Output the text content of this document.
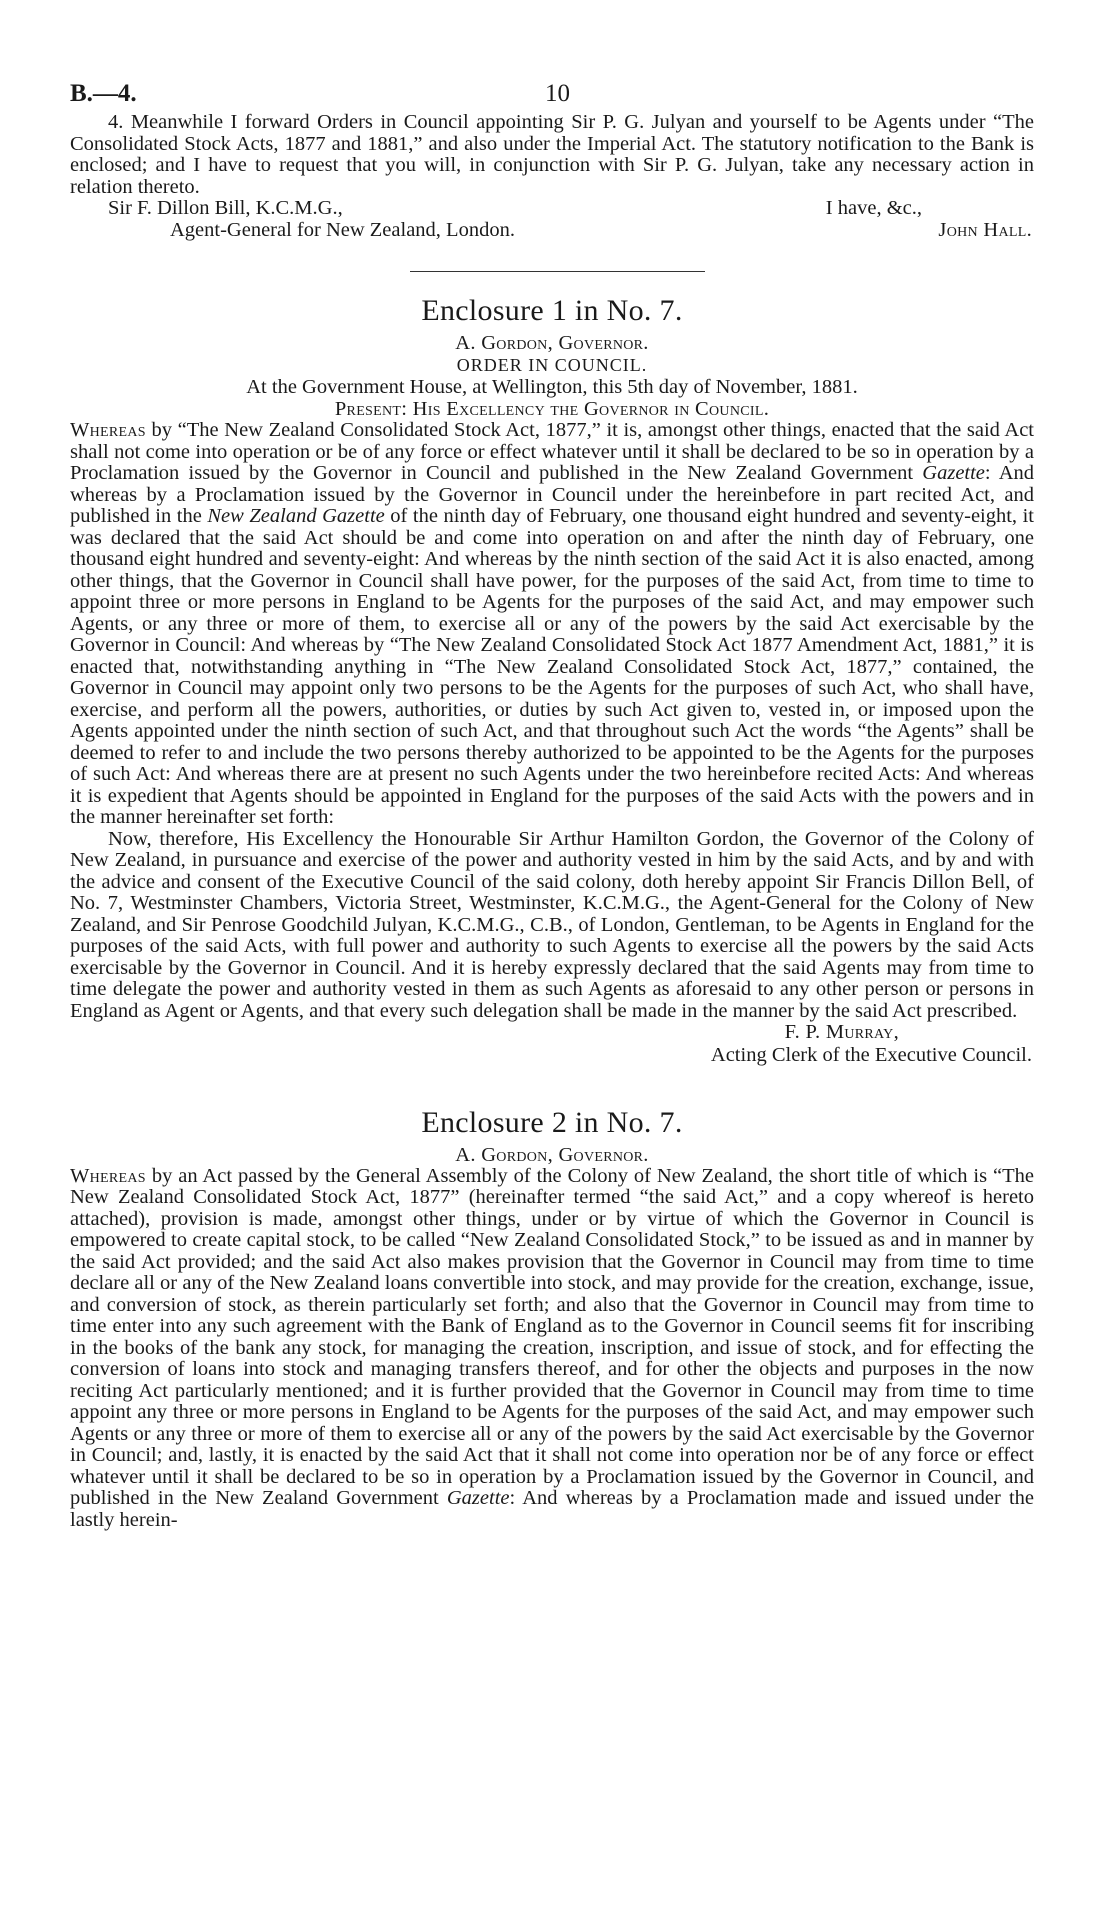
B.—4.	10

4. Meanwhile I forward Orders in Council appointing Sir P. G. Julyan and yourself to be Agents under “The Consolidated Stock Acts, 1877 and 1881,” and also under the Imperial Act. The statutory notification to the Bank is enclosed; and I have to request that you will, in conjunction with Sir P. G. Julyan, take any necessary action in relation thereto.

Sir F. Dillon Bill, K.C.M.G.,	I have, &c.,
Agent-General for New Zealand, London.	John Hall.
Enclosure 1 in No. 7.
A. Gordon, Governor.
ORDER IN COUNCIL.
At the Government House, at Wellington, this 5th day of November, 1881.
Present: His Excellency the Governor in Council.

Whereas by “The New Zealand Consolidated Stock Act, 1877,” it is, amongst other things, enacted that the said Act shall not come into operation or be of any force or effect whatever until it shall be declared to be so in operation by a Proclamation issued by the Governor in Council and published in the New Zealand Government Gazette: And whereas by a Proclamation issued by the Governor in Council under the hereinbefore in part recited Act, and published in the New Zealand Gazette of the ninth day of February, one thousand eight hundred and seventy-eight, it was declared that the said Act should be and come into operation on and after the ninth day of February, one thousand eight hundred and seventy-eight: And whereas by the ninth section of the said Act it is also enacted, among other things, that the Governor in Council shall have power, for the purposes of the said Act, from time to time to appoint three or more persons in England to be Agents for the purposes of the said Act, and may empower such Agents, or any three or more of them, to exercise all or any of the powers by the said Act exercisable by the Governor in Council: And whereas by “The New Zealand Consolidated Stock Act 1877 Amendment Act, 1881,” it is enacted that, notwithstanding anything in “The New Zealand Consolidated Stock Act, 1877,” contained, the Governor in Council may appoint only two persons to be the Agents for the purposes of such Act, who shall have, exercise, and perform all the powers, authorities, or duties by such Act given to, vested in, or imposed upon the Agents appointed under the ninth section of such Act, and that throughout such Act the words “the Agents” shall be deemed to refer to and include the two persons thereby authorized to be appointed to be the Agents for the purposes of such Act: And whereas there are at present no such Agents under the two hereinbefore recited Acts: And whereas it is expedient that Agents should be appointed in England for the purposes of the said Acts with the powers and in the manner hereinafter set forth:

Now, therefore, His Excellency the Honourable Sir Arthur Hamilton Gordon, the Governor of the Colony of New Zealand, in pursuance and exercise of the power and authority vested in him by the said Acts, and by and with the advice and consent of the Executive Council of the said colony, doth hereby appoint Sir Francis Dillon Bell, of No. 7, Westminster Chambers, Victoria Street, Westminster, K.C.M.G., the Agent-General for the Colony of New Zealand, and Sir Penrose Goodchild Julyan, K.C.M.G., C.B., of London, Gentleman, to be Agents in England for the purposes of the said Acts, with full power and authority to such Agents to exercise all the powers by the said Acts exercisable by the Governor in Council. And it is hereby expressly declared that the said Agents may from time to time delegate the power and authority vested in them as such Agents as aforesaid to any other person or persons in England as Agent or Agents, and that every such delegation shall be made in the manner by the said Act prescribed.

F. P. Murray,
Acting Clerk of the Executive Council.
Enclosure 2 in No. 7.
A. Gordon, Governor.

Whereas by an Act passed by the General Assembly of the Colony of New Zealand, the short title of which is “The New Zealand Consolidated Stock Act, 1877” (hereinafter termed “the said Act,” and a copy whereof is hereto attached), provision is made, amongst other things, under or by virtue of which the Governor in Council is empowered to create capital stock, to be called “New Zealand Consolidated Stock,” to be issued as and in manner by the said Act provided; and the said Act also makes provision that the Governor in Council may from time to time declare all or any of the New Zealand loans convertible into stock, and may provide for the creation, exchange, issue, and conversion of stock, as therein particularly set forth; and also that the Governor in Council may from time to time enter into any such agreement with the Bank of England as to the Governor in Council seems fit for inscribing in the books of the bank any stock, for managing the creation, inscription, and issue of stock, and for effecting the conversion of loans into stock and managing transfers thereof, and for other the objects and purposes in the now reciting Act particularly mentioned; and it is further provided that the Governor in Council may from time to time appoint any three or more persons in England to be Agents for the purposes of the said Act, and may empower such Agents or any three or more of them to exercise all or any of the powers by the said Act exercisable by the Governor in Council; and, lastly, it is enacted by the said Act that it shall not come into operation nor be of any force or effect whatever until it shall be declared to be so in operation by a Proclamation issued by the Governor in Council, and published in the New Zealand Government Gazette: And whereas by a Proclamation made and issued under the lastly herein-
